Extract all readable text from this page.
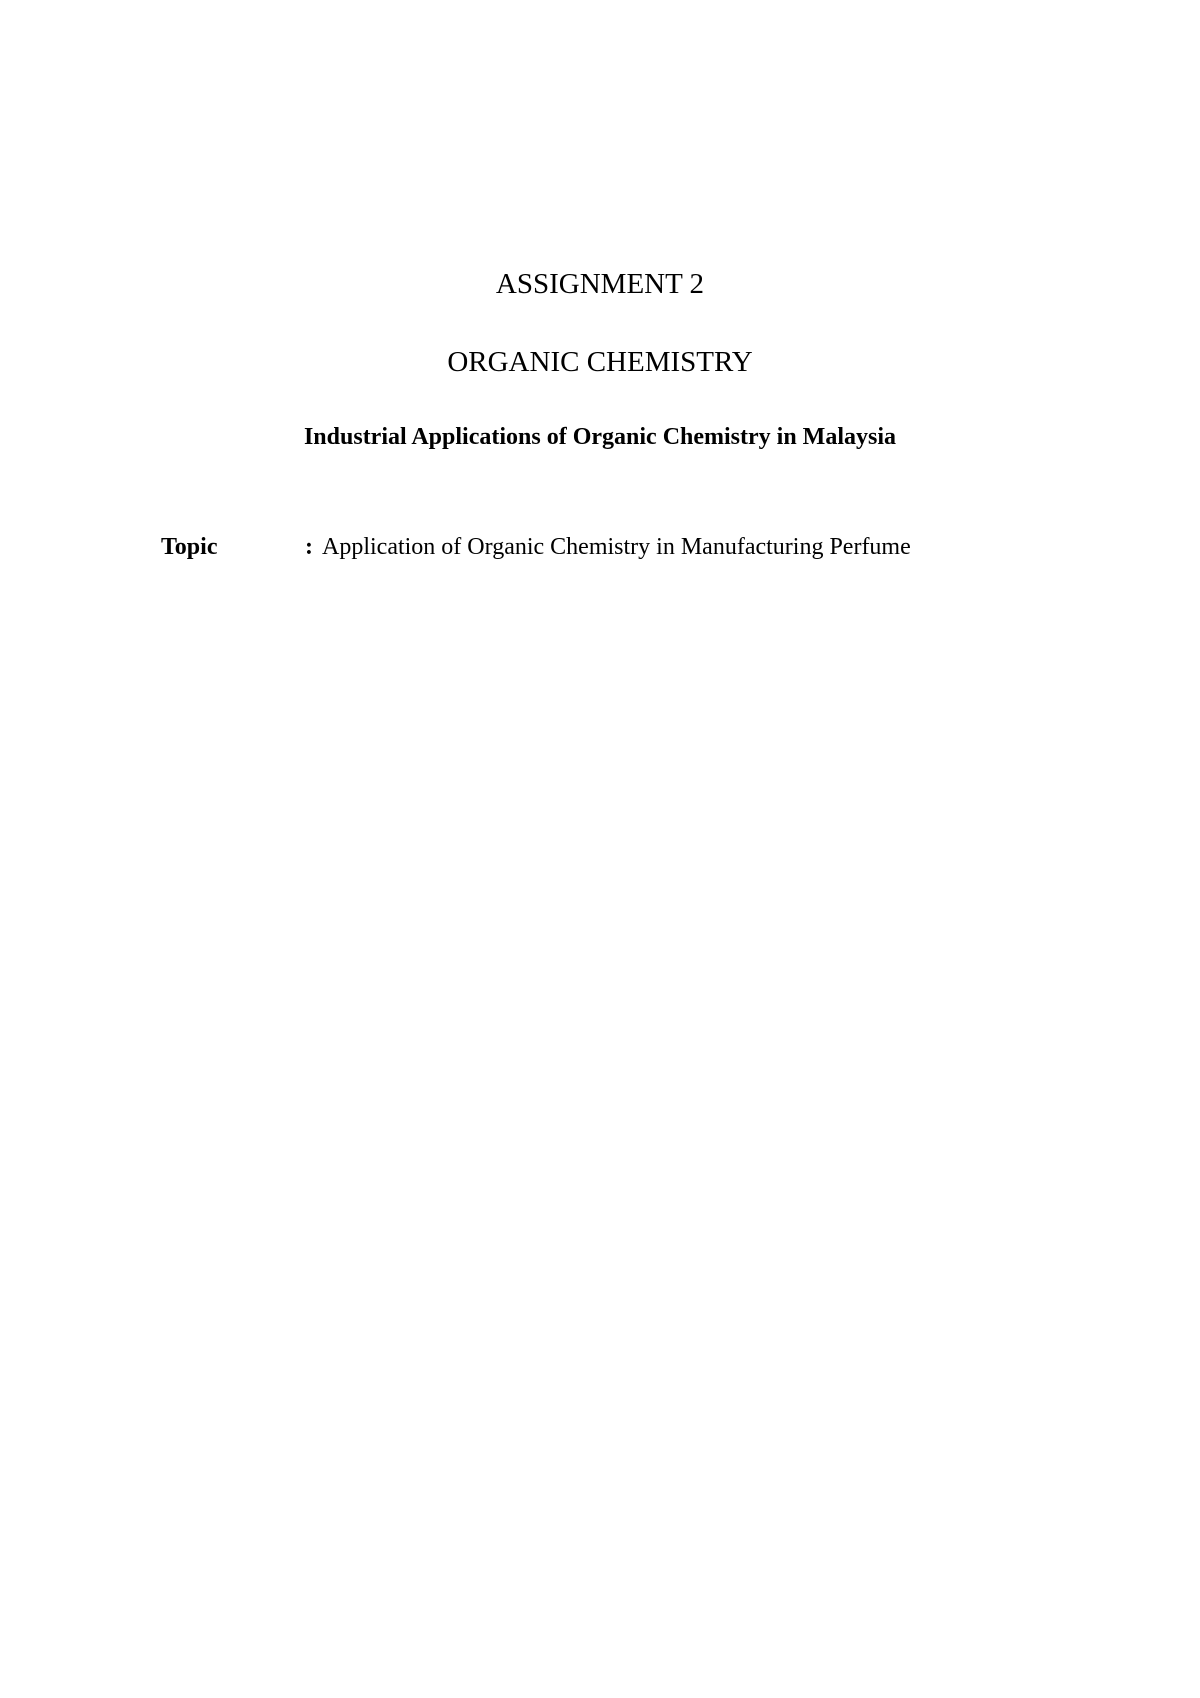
ASSIGNMENT 2
ORGANIC CHEMISTRY
Industrial Applications of Organic Chemistry in Malaysia
Topic	: Application of Organic Chemistry in Manufacturing Perfume
